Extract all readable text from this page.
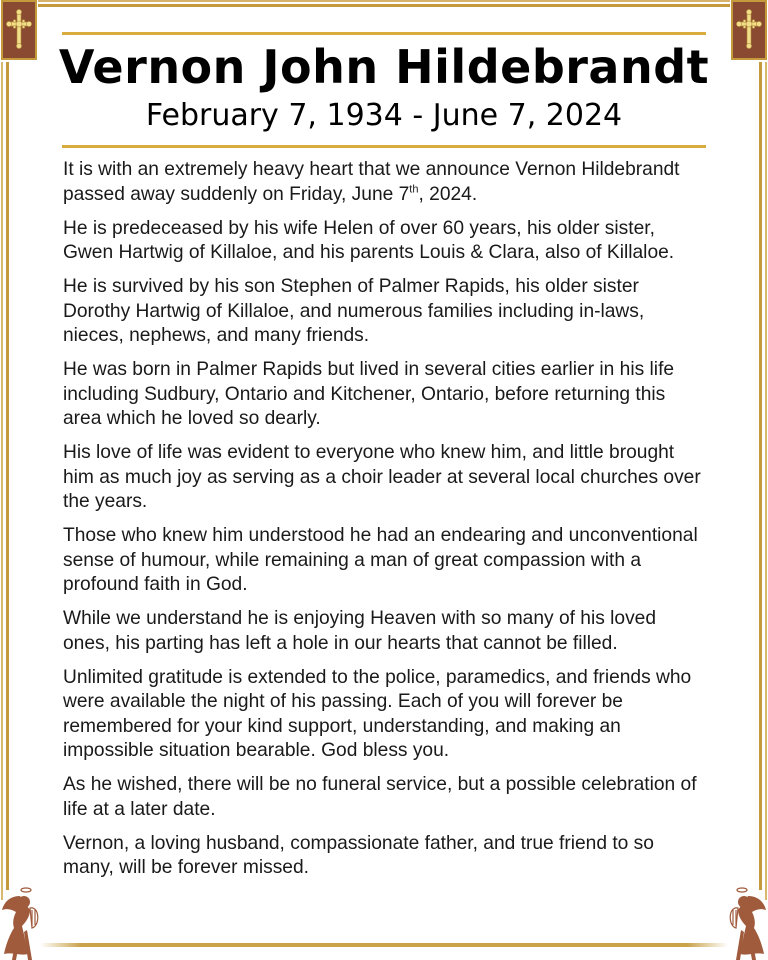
Vernon John Hildebrandt
February 7, 1934 - June 7, 2024

It is with an extremely heavy heart that we announce Vernon Hildebrandt passed away suddenly on Friday, June 7th, 2024.

He is predeceased by his wife Helen of over 60 years, his older sister, Gwen Hartwig of Killaloe, and his parents Louis & Clara, also of Killaloe.

He is survived by his son Stephen of Palmer Rapids, his older sister Dorothy Hartwig of Killaloe, and numerous families including in-laws, nieces, nephews, and many friends.

He was born in Palmer Rapids but lived in several cities earlier in his life including Sudbury, Ontario and Kitchener, Ontario, before returning this area which he loved so dearly.

His love of life was evident to everyone who knew him, and little brought him as much joy as serving as a choir leader at several local churches over the years.

Those who knew him understood he had an endearing and unconventional sense of humour, while remaining a man of great compassion with a profound faith in God.

While we understand he is enjoying Heaven with so many of his loved ones, his parting has left a hole in our hearts that cannot be filled.

Unlimited gratitude is extended to the police, paramedics, and friends who were available the night of his passing. Each of you will forever be remembered for your kind support, understanding, and making an impossible situation bearable. God bless you.

As he wished, there will be no funeral service, but a possible celebration of life at a later date.

Vernon, a loving husband, compassionate father, and true friend to so many, will be forever missed.
